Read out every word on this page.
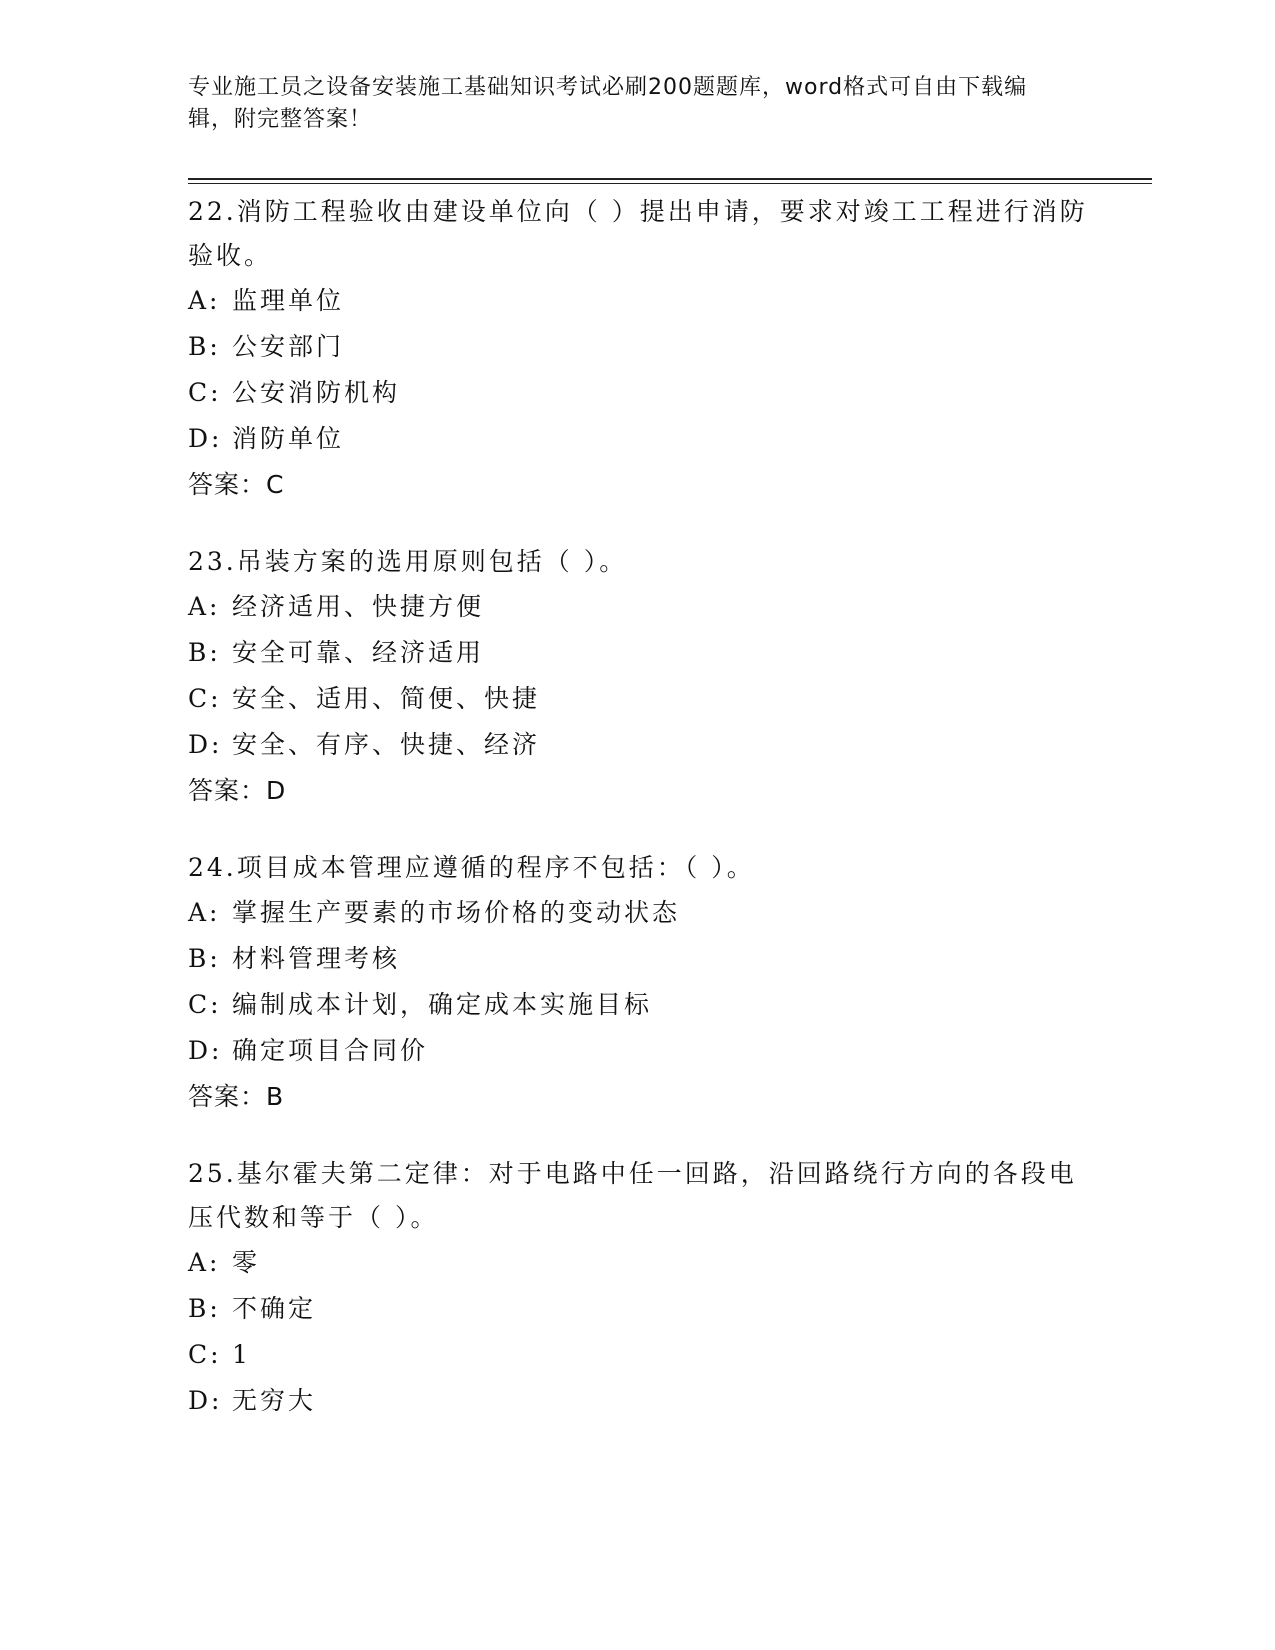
专业施工员之设备安装施工基础知识考试必刷200题题库，word格式可自由下载编辑，附完整答案！

22.消防工程验收由建设单位向（ ）提出申请，要求对竣工工程进行消防验收。

A: 监理单位

B: 公安部门

C: 公安消防机构

D: 消防单位

答案：C

23.吊装方案的选用原则包括（ ）。

A: 经济适用、快捷方便

B: 安全可靠、经济适用

C: 安全、适用、简便、快捷

D: 安全、有序、快捷、经济

答案：D

24.项目成本管理应遵循的程序不包括：（ ）。

A: 掌握生产要素的市场价格的变动状态

B: 材料管理考核

C: 编制成本计划，确定成本实施目标

D: 确定项目合同价

答案：B

25.基尔霍夫第二定律：对于电路中任一回路，沿回路绕行方向的各段电压代数和等于（ ）。

A: 零

B: 不确定

C: 1

D: 无穷大
